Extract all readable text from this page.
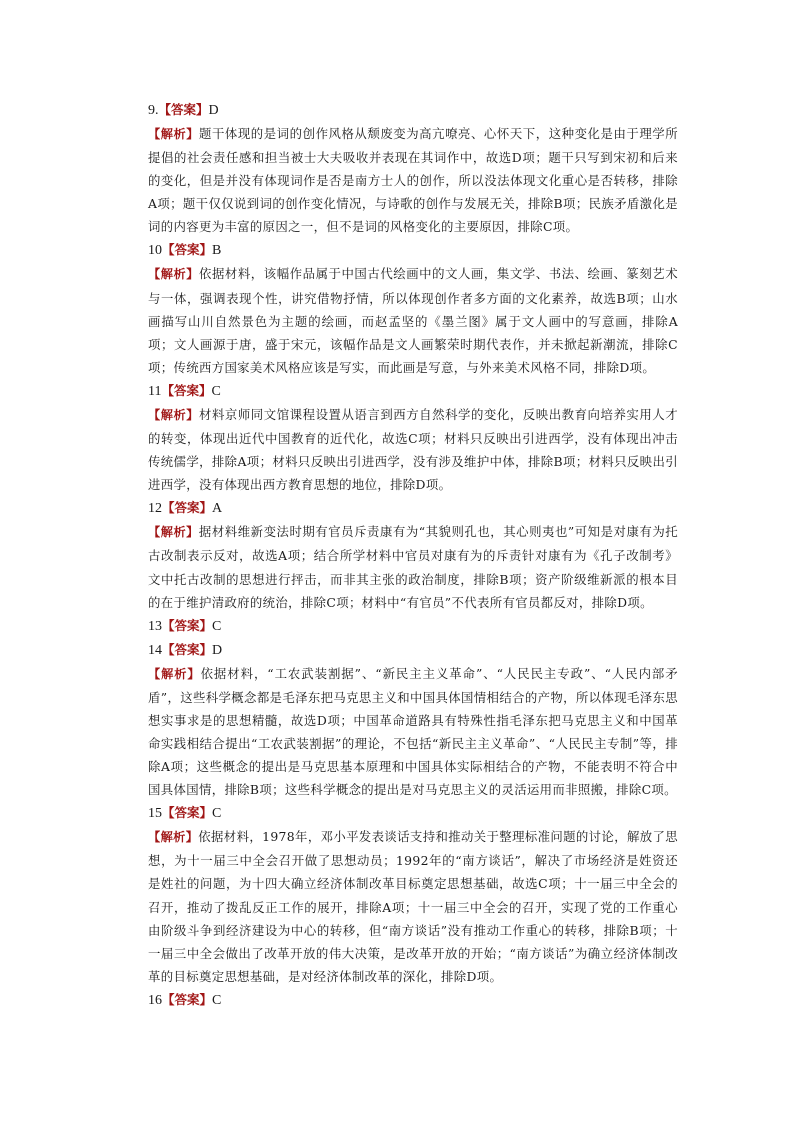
9.【答案】D
【解析】题干体现的是词的创作风格从颓废变为高亢嘹亮、心怀天下，这种变化是由于理学所提倡的社会责任感和担当被士大夫吸收并表现在其词作中，故选D项；题干只写到宋初和后来的变化，但是并没有体现词作是否是南方士人的创作，所以没法体现文化重心是否转移，排除A项；题干仅仅说到词的创作变化情况，与诗歌的创作与发展无关，排除B项；民族矛盾激化是词的内容更为丰富的原因之一，但不是词的风格变化的主要原因，排除C项。
10【答案】B
【解析】依据材料，该幅作品属于中国古代绘画中的文人画，集文学、书法、绘画、篆刻艺术与一体，强调表现个性，讲究借物抒情，所以体现创作者多方面的文化素养，故选B项；山水画描写山川自然景色为主题的绘画，而赵孟坚的《墨兰图》属于文人画中的写意画，排除A项；文人画源于唐，盛于宋元，该幅作品是文人画繁荣时期代表作，并未掀起新潮流，排除C项；传统西方国家美术风格应该是写实，而此画是写意，与外来美术风格不同，排除D项。
11【答案】C
【解析】材料京师同文馆课程设置从语言到西方自然科学的变化，反映出教育向培养实用人才的转变，体现出近代中国教育的近代化，故选C项；材料只反映出引进西学，没有体现出冲击传统儒学，排除A项；材料只反映出引进西学，没有涉及维护中体，排除B项；材料只反映出引进西学，没有体现出西方教育思想的地位，排除D项。
12【答案】A
【解析】据材料维新变法时期有官员斥责康有为“其貌则孔也，其心则夷也”可知是对康有为托古改制表示反对，故选A项；结合所学材料中官员对康有为的斥责针对康有为《孔子改制考》文中托古改制的思想进行抨击，而非其主张的政治制度，排除B项；资产阶级维新派的根本目的在于维护清政府的统治，排除C项；材料中“有官员”不代表所有官员都反对，排除D项。
13【答案】C
14【答案】D
【解析】依据材料，“工农武装割据”、“新民主主义革命”、“人民民主专政”、“人民内部矛盾”，这些科学概念都是毛泽东把马克思主义和中国具体国情相结合的产物，所以体现毛泽东思想实事求是的思想精髓，故选D项；中国革命道路具有特殊性指毛泽东把马克思主义和中国革命实践相结合提出“工农武装割据”的理论，不包括“新民主主义革命”、“人民民主专制”等，排除A项；这些概念的提出是马克思基本原理和中国具体实际相结合的产物，不能表明不符合中国具体国情，排除B项；这些科学概念的提出是对马克思主义的灵活运用而非照搬，排除C项。
15【答案】C
【解析】依据材料，1978年，邓小平发表谈话支持和推动关于整理标准问题的讨论，解放了思想，为十一届三中全会召开做了思想动员；1992年的“南方谈话”，解决了市场经济是姓资还是姓社的问题，为十四大确立经济体制改革目标奠定思想基础，故选C项；十一届三中全会的召开，推动了拨乱反正工作的展开，排除A项；十一届三中全会的召开，实现了党的工作重心由阶级斗争到经济建设为中心的转移，但“南方谈话”没有推动工作重心的转移，排除B项；十一届三中全会做出了改革开放的伟大决策，是改革开放的开始；“南方谈话”为确立经济体制改革的目标奠定思想基础，是对经济体制改革的深化，排除D项。
16【答案】C
